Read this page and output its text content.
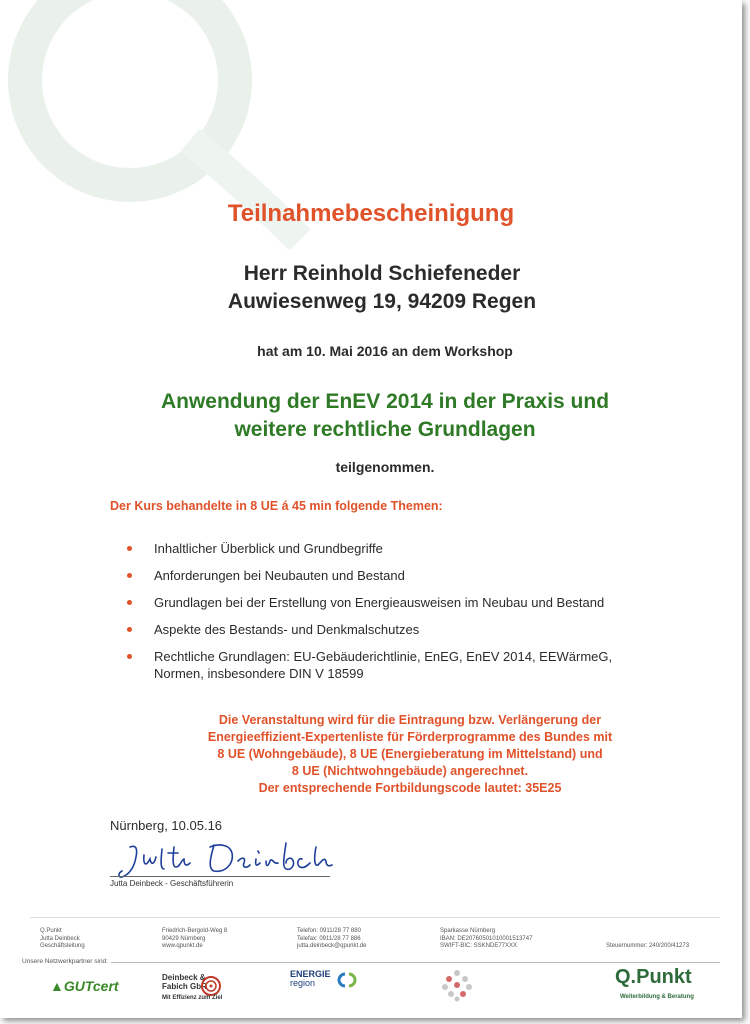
Teilnahmebescheinigung
Herr Reinhold Schiefeneder
Auwiesenweg 19, 94209 Regen
hat am 10. Mai 2016 an dem Workshop
Anwendung der EnEV 2014 in der Praxis und
weitere rechtliche Grundlagen
teilgenommen.
Der Kurs behandelte in 8 UE á 45 min folgende Themen:
Inhaltlicher Überblick und Grundbegriffe
Anforderungen bei Neubauten und Bestand
Grundlagen bei der Erstellung von Energieausweisen im Neubau und Bestand
Aspekte des Bestands- und Denkmalschutzes
Rechtliche Grundlagen: EU-Gebäuderichtlinie, EnEG, EnEV 2014, EEWärmeG,
Normen, insbesondere DIN V 18599
Die Veranstaltung wird für die Eintragung bzw. Verlängerung der
Energieeffizient-Expertenliste für Förderprogramme des Bundes mit
8 UE (Wohngebäude), 8 UE (Energieberatung im Mittelstand) und
8 UE (Nichtwohngebäude) angerechnet.
Der entsprechende Fortbildungscode lautet: 35E25
Nürnberg, 10.05.16
Jutta Deinbeck - Geschäftsführerin
Q.Punkt
Jutta Deinbeck
Geschäftsleitung
Friedrich-Bergold-Weg 8
90429 Nürnberg
www.qpunkt.de
Telefon: 0911/28 77 880
Telefax: 0911/28 77 886
jutta.deinbeck@qpunkt.de
Sparkasse Nürnberg
IBAN: DE20760501010001513747
SWIFT-BIC: SSKNDE77XXX	Steuernummer: 240/200/41273
Unsere Netzwerkpartner sind:
▲GUTcert
Deinbeck &
Fabich GbR
Mit Effizienz zum Ziel
ENERGIE
region	Q.Punkt
Weiterbildung & Beratung
